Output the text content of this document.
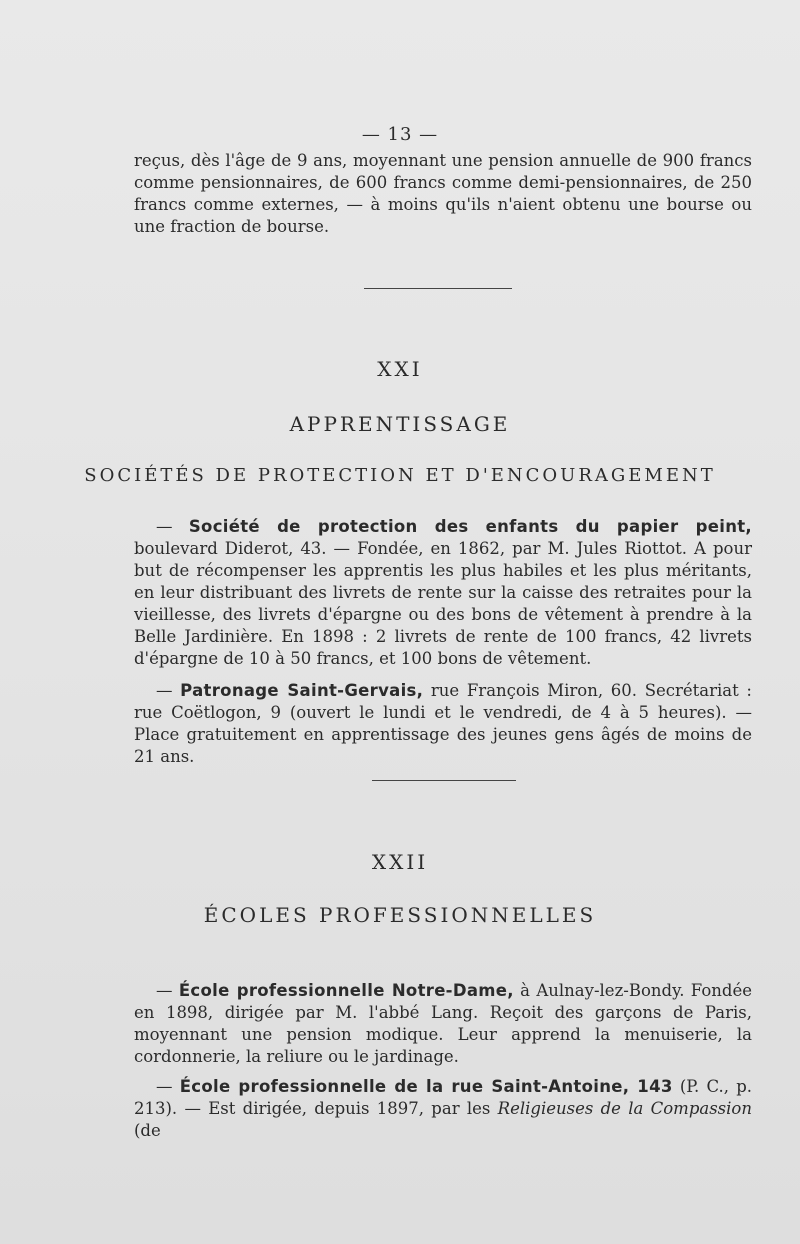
— 13 —

reçus, dès l'âge de 9 ans, moyennant une pension annuelle de 900 francs comme pensionnaires, de 600 francs comme demi-pensionnaires, de 250 francs comme externes, — à moins qu'ils n'aient obtenu une bourse ou une fraction de bourse.

XXI
APPRENTISSAGE
SOCIÉTÉS DE PROTECTION ET D'ENCOURAGEMENT

— Société de protection des enfants du papier peint, boulevard Diderot, 43. — Fondée, en 1862, par M. Jules Riottot. A pour but de récompenser les apprentis les plus habiles et les plus méritants, en leur distribuant des livrets de rente sur la caisse des retraites pour la vieillesse, des livrets d'épargne ou des bons de vêtement à prendre à la Belle Jardinière. En 1898 : 2 livrets de rente de 100 francs, 42 livrets d'épargne de 10 à 50 francs, et 100 bons de vêtement.

— Patronage Saint-Gervais, rue François Miron, 60. Secrétariat : rue Coëtlogon, 9 (ouvert le lundi et le vendredi, de 4 à 5 heures). — Place gratuitement en apprentissage des jeunes gens âgés de moins de 21 ans.

XXII
ÉCOLES PROFESSIONNELLES

— École professionnelle Notre-Dame, à Aulnay-lez-Bondy. Fondée en 1898, dirigée par M. l'abbé Lang. Reçoit des garçons de Paris, moyennant une pension modique. Leur apprend la menuiserie, la cordonnerie, la reliure ou le jardinage.

— École professionnelle de la rue Saint-Antoine, 143 (P. C., p. 213). — Est dirigée, depuis 1897, par les Religieuses de la Compassion (de
